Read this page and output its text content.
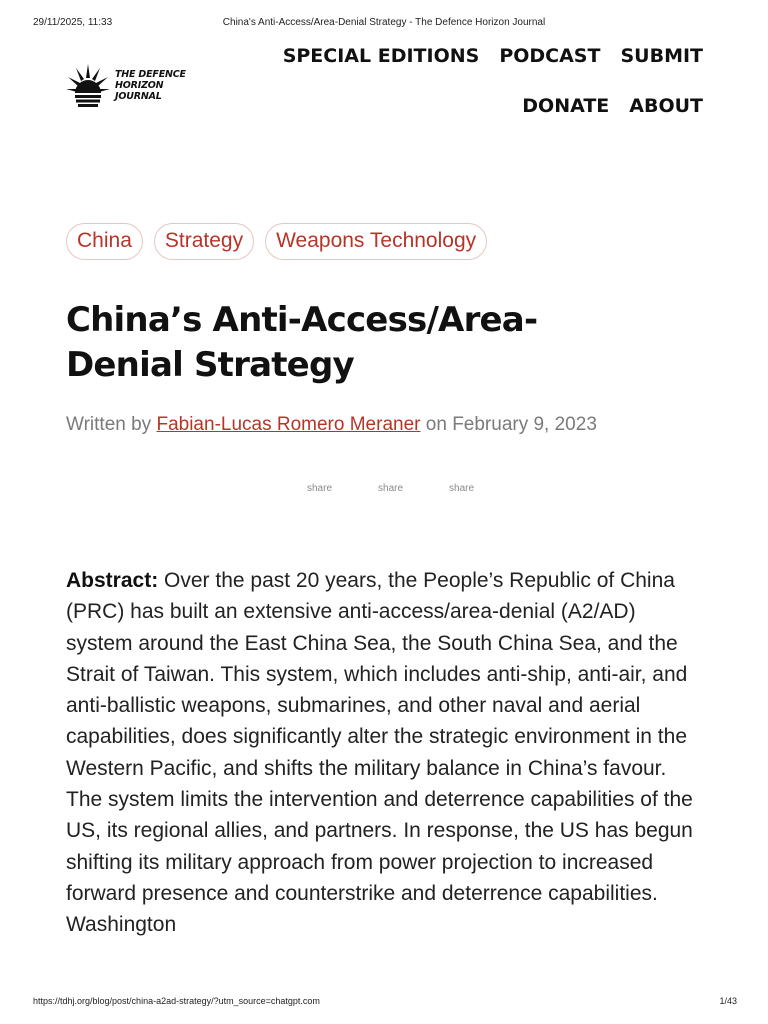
29/11/2025, 11:33	China's Anti-Access/Area-Denial Strategy - The Defence Horizon Journal
THE DEFENCE
HORIZON
JOURNAL
SPECIAL EDITIONS PODCAST SUBMIT
DONATE ABOUT
China	Strategy	Weapons Technology
China’s Anti-Access/Area-Denial Strategy
Written by Fabian-Lucas Romero Meraner on February 9, 2023
share	share	share

Abstract: Over the past 20 years, the People’s Republic of China (PRC) has built an extensive anti-access/area-denial (A2/AD) system around the East China Sea, the South China Sea, and the Strait of Taiwan. This system, which includes anti-ship, anti-air, and anti-ballistic weapons, submarines, and other naval and aerial capabilities, does significantly alter the strategic environment in the Western Pacific, and shifts the military balance in China’s favour. The system limits the intervention and deterrence capabilities of the US, its regional allies, and partners. In response, the US has begun shifting its military approach from power projection to increased forward presence and counterstrike and deterrence capabilities. Washington

https://tdhj.org/blog/post/china-a2ad-strategy/?utm_source=chatgpt.com	1/43
